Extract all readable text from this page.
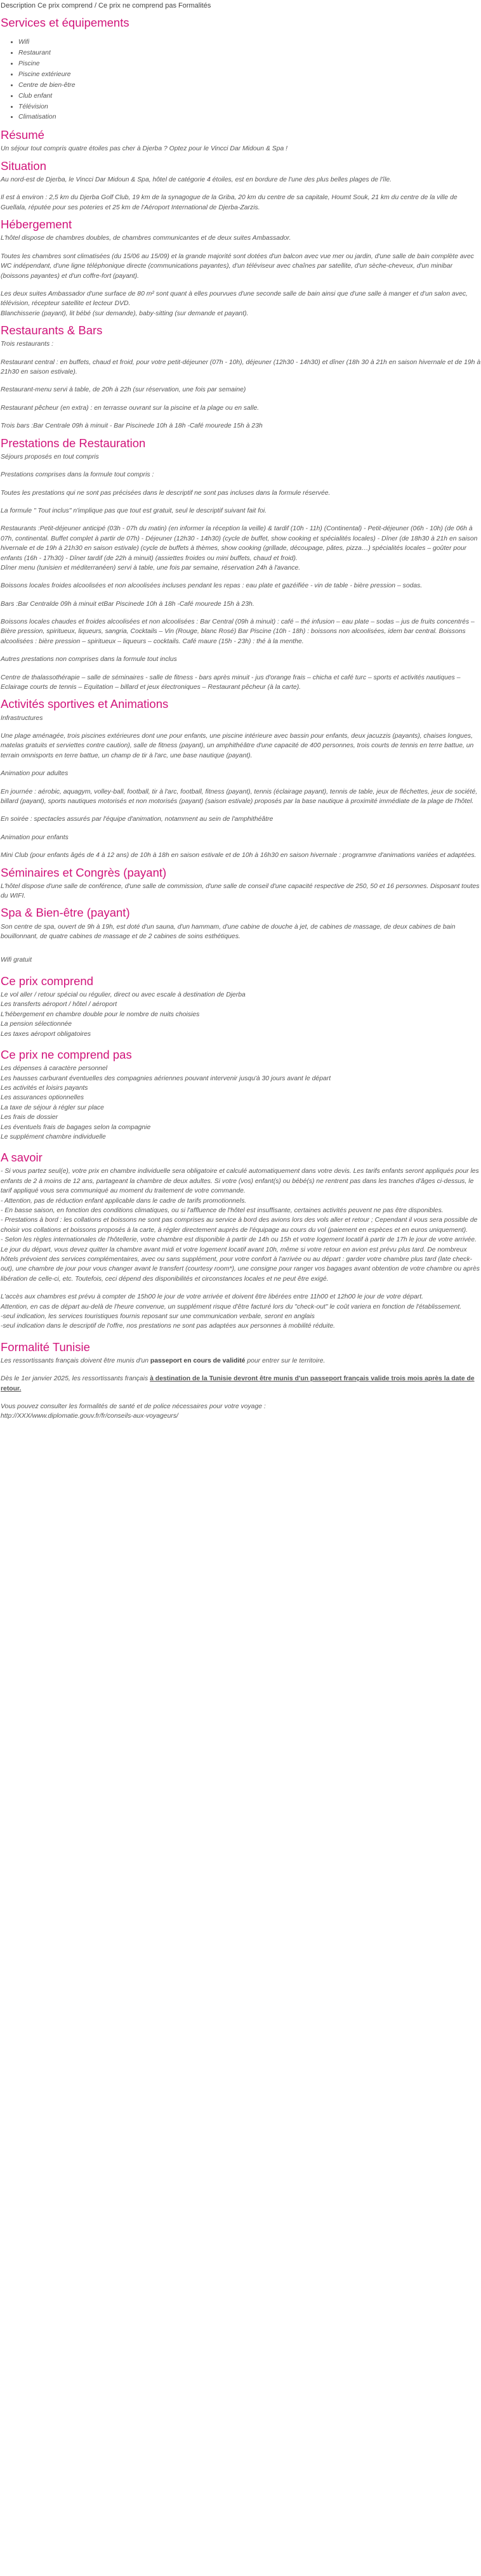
Description Ce prix comprend / Ce prix ne comprend pas Formalités
Services et équipements
• Wifi
• Restaurant
• Piscine
• Piscine extérieure
• Centre de bien-être
• Club enfant
• Télévision
• Climatisation
Résumé

Un séjour tout compris quatre étoiles pas cher à Djerba ? Optez pour le Vincci Dar Midoun & Spa !

Situation

Au nord-est de Djerba, le Vincci Dar Midoun & Spa, hôtel de catégorie 4 étoiles, est en bordure de l'une des plus belles plages de l'île.

Il est à environ : 2,5 km du Djerba Golf Club, 19 km de la synagogue de la Griba, 20 km du centre de sa capitale, Houmt Souk, 21 km du centre de la ville de Guellala, réputée pour ses poteries et 25 km de l'Aéroport International de Djerba-Zarzis.

Hébergement

L'hôtel dispose de chambres doubles, de chambres communicantes et de deux suites Ambassador.

Toutes les chambres sont climatisées (du 15/06 au 15/09) et la grande majorité sont dotées d'un balcon avec vue mer ou jardin, d'une salle de bain complète avec WC indépendant, d'une ligne téléphonique directe (communications payantes), d'un téléviseur avec chaînes par satellite, d'un sèche-cheveux, d'un minibar (boissons payantes) et d'un coffre-fort (payant).

Les deux suites Ambassador d'une surface de 80 m² sont quant à elles pourvues d'une seconde salle de bain ainsi que d'une salle à manger et d'un salon avec, télévision, récepteur satellite et lecteur DVD.

Blanchisserie (payant), lit bébé (sur demande), baby-sitting (sur demande et payant).

Restaurants & Bars
Trois restaurants :

Restaurant central : en buffets, chaud et froid, pour votre petit-déjeuner (07h - 10h), déjeuner (12h30 - 14h30) et dîner (18h 30 à 21h en saison hivernale et de 19h à 21h30 en saison estivale).

Restaurant-menu servi à table, de 20h à 22h (sur réservation, une fois par semaine)

Restaurant pêcheur (en extra) : en terrasse ouvrant sur la piscine et la plage ou en salle.

Trois bars :Bar Centrale 09h à minuit - Bar Piscinede 10h à 18h -Café mourede 15h à 23h

Prestations de Restauration
Séjours proposés en tout compris

Prestations comprises dans la formule tout compris :

Toutes les prestations qui ne sont pas précisées dans le descriptif ne sont pas incluses dans la formule réservée.

La formule " Tout inclus" n'implique pas que tout est gratuit, seul le descriptif suivant fait foi.

Restaurants :Petit-déjeuner anticipé (03h - 07h du matin) (en informer la réception la veille) & tardif (10h - 11h) (Continental) - Petit-déjeuner (06h - 10h) (de 06h à 07h, continental. Buffet complet à partir de 07h) - Déjeuner (12h30 - 14h30) (cycle de buffet, show cooking et spécialités locales) - Dîner (de 18h30 à 21h en saison hivernale et de 19h à 21h30 en saison estivale) (cycle de buffets à thèmes, show cooking (grillade, découpage, pâtes, pizza…) spécialités locales – goûter pour enfants (16h - 17h30) - Dîner tardif (de 22h à minuit) (assiettes froides ou mini buffets, chaud et froid).

Dîner menu (tunisien et méditerranéen) servi à table, une fois par semaine, réservation 24h à l'avance.

Boissons locales froides alcoolisées et non alcoolisées incluses pendant les repas : eau plate et gazéifiée - vin de table - bière pression – sodas.

Bars :Bar Centralde 09h à minuit etBar Piscinede 10h à 18h -Café mourede 15h à 23h.

Boissons locales chaudes et froides alcoolisées et non alcoolisées : Bar Central (09h à minuit) : café – thé infusion – eau plate – sodas – jus de fruits concentrés – Bière pression, spiritueux, liqueurs, sangria, Cocktails – Vin (Rouge, blanc Rosé) Bar Piscine (10h - 18h) : boissons non alcoolisées, idem bar central. Boissons alcoolisées : bière pression – spiritueux – liqueurs – cocktails. Café maure (15h - 23h) : thé à la menthe.

Autres prestations non comprises dans la formule tout inclus

Centre de thalassothérapie – salle de séminaires - salle de fitness - bars après minuit - jus d'orange frais – chicha et café turc – sports et activités nautiques – Eclairage courts de tennis – Equitation – billard et jeux électroniques – Restaurant pêcheur (à la carte).

Activités sportives et Animations
Infrastructures

Une plage aménagée, trois piscines extérieures dont une pour enfants, une piscine intérieure avec bassin pour enfants, deux jacuzzis (payants), chaises longues, matelas gratuits et serviettes contre caution), salle de fitness (payant), un amphithéâtre d'une capacité de 400 personnes, trois courts de tennis en terre battue, un terrain omnisports en terre battue, un champ de tir à l'arc, une base nautique (payant).

Animation pour adultes

En journée : aérobic, aquagym, volley-ball, football, tir à l'arc, football, fitness (payant), tennis (éclairage payant), tennis de table, jeux de fléchettes, jeux de société, billard (payant), sports nautiques motorisés et non motorisés (payant) (saison estivale) proposés par la base nautique à proximité immédiate de la plage de l'hôtel.

En soirée : spectacles assurés par l'équipe d'animation, notamment au sein de l'amphithéâtre

Animation pour enfants

Mini Club (pour enfants âgés de 4 à 12 ans) de 10h à 18h en saison estivale et de 10h à 16h30 en saison hivernale : programme d'animations variées et adaptées.

Séminaires et Congrès (payant)

L'hôtel dispose d'une salle de conférence, d'une salle de commission, d'une salle de conseil d'une capacité respective de 250, 50 et 16 personnes. Disposant toutes du WIFI.

Spa & Bien-être (payant)

Son centre de spa, ouvert de 9h à 19h, est doté d'un sauna, d'un hammam, d'une cabine de douche à jet, de cabines de massage, de deux cabines de bain bouillonnant, de quatre cabines de massage et de 2 cabines de soins esthétiques.

Wifi gratuit

Ce prix comprend
Le vol aller / retour spécial ou régulier, direct ou avec escale à destination de Djerba
Les transferts aéroport / hôtel / aéroport
L'hébergement en chambre double pour le nombre de nuits choisies
La pension sélectionnée
Les taxes aéroport obligatoires
Ce prix ne comprend pas
Les dépenses à caractère personnel
Les hausses carburant éventuelles des compagnies aériennes pouvant intervenir jusqu'à 30 jours avant le départ
Les activités et loisirs payants
Les assurances optionnelles
La taxe de séjour à régler sur place
Les frais de dossier
Les éventuels frais de bagages selon la compagnie
Le supplément chambre individuelle
A savoir

- Si vous partez seul(e), votre prix en chambre individuelle sera obligatoire et calculé automatiquement dans votre devis. Les tarifs enfants seront appliqués pour les enfants de 2 à moins de 12 ans, partageant la chambre de deux adultes. Si votre (vos) enfant(s) ou bébé(s) ne rentrent pas dans les tranches d'âges ci-dessus, le tarif appliqué vous sera communiqué au moment du traitement de votre commande.

- Attention, pas de réduction enfant applicable dans le cadre de tarifs promotionnels.

- En basse saison, en fonction des conditions climatiques, ou si l'affluence de l'hôtel est insuffisante, certaines activités peuvent ne pas être disponibles.

- Prestations à bord : les collations et boissons ne sont pas comprises au service à bord des avions lors des vols aller et retour ; Cependant il vous sera possible de choisir vos collations et boissons proposés à la carte, à régler directement auprès de l'équipage au cours du vol (paiement en espèces et en euros uniquement).

- Selon les règles internationales de l'hôtellerie, votre chambre est disponible à partir de 14h ou 15h et votre logement locatif à partir de 17h le jour de votre arrivée. Le jour du départ, vous devez quitter la chambre avant midi et votre logement locatif avant 10h, même si votre retour en avion est prévu plus tard. De nombreux hôtels prévoient des services complémentaires, avec ou sans supplément, pour votre confort à l'arrivée ou au départ : garder votre chambre plus tard (late check-out), une chambre de jour pour vous changer avant le transfert (courtesy room*), une consigne pour ranger vos bagages avant obtention de votre chambre ou après libération de celle-ci, etc. Toutefois, ceci dépend des disponibilités et circonstances locales et ne peut être exigé.

L'accès aux chambres est prévu à compter de 15h00 le jour de votre arrivée et doivent être libérées entre 11h00 et 12h00 le jour de votre départ.

Attention, en cas de départ au-delà de l'heure convenue, un supplément risque d'être facturé lors du "check-out" le coût variera en fonction de l'établissement.

-seul indication, les services touristiques fournis reposant sur une communication verbale, seront en anglais

-seul indication dans le descriptif de l'offre, nos prestations ne sont pas adaptées aux personnes à mobilité réduite.

Formalité Tunisie

Les ressortissants français doivent être munis d'un passeport en cours de validité pour entrer sur le territoire.

Dès le 1er janvier 2025, les ressortissants français à destination de la Tunisie devront être munis d'un passeport français valide trois mois après la date de retour.

Vous pouvez consulter les formalités de santé et de police nécessaires pour votre voyage :

http://XXX/www.diplomatie.gouv.fr/fr/conseils-aux-voyageurs/
